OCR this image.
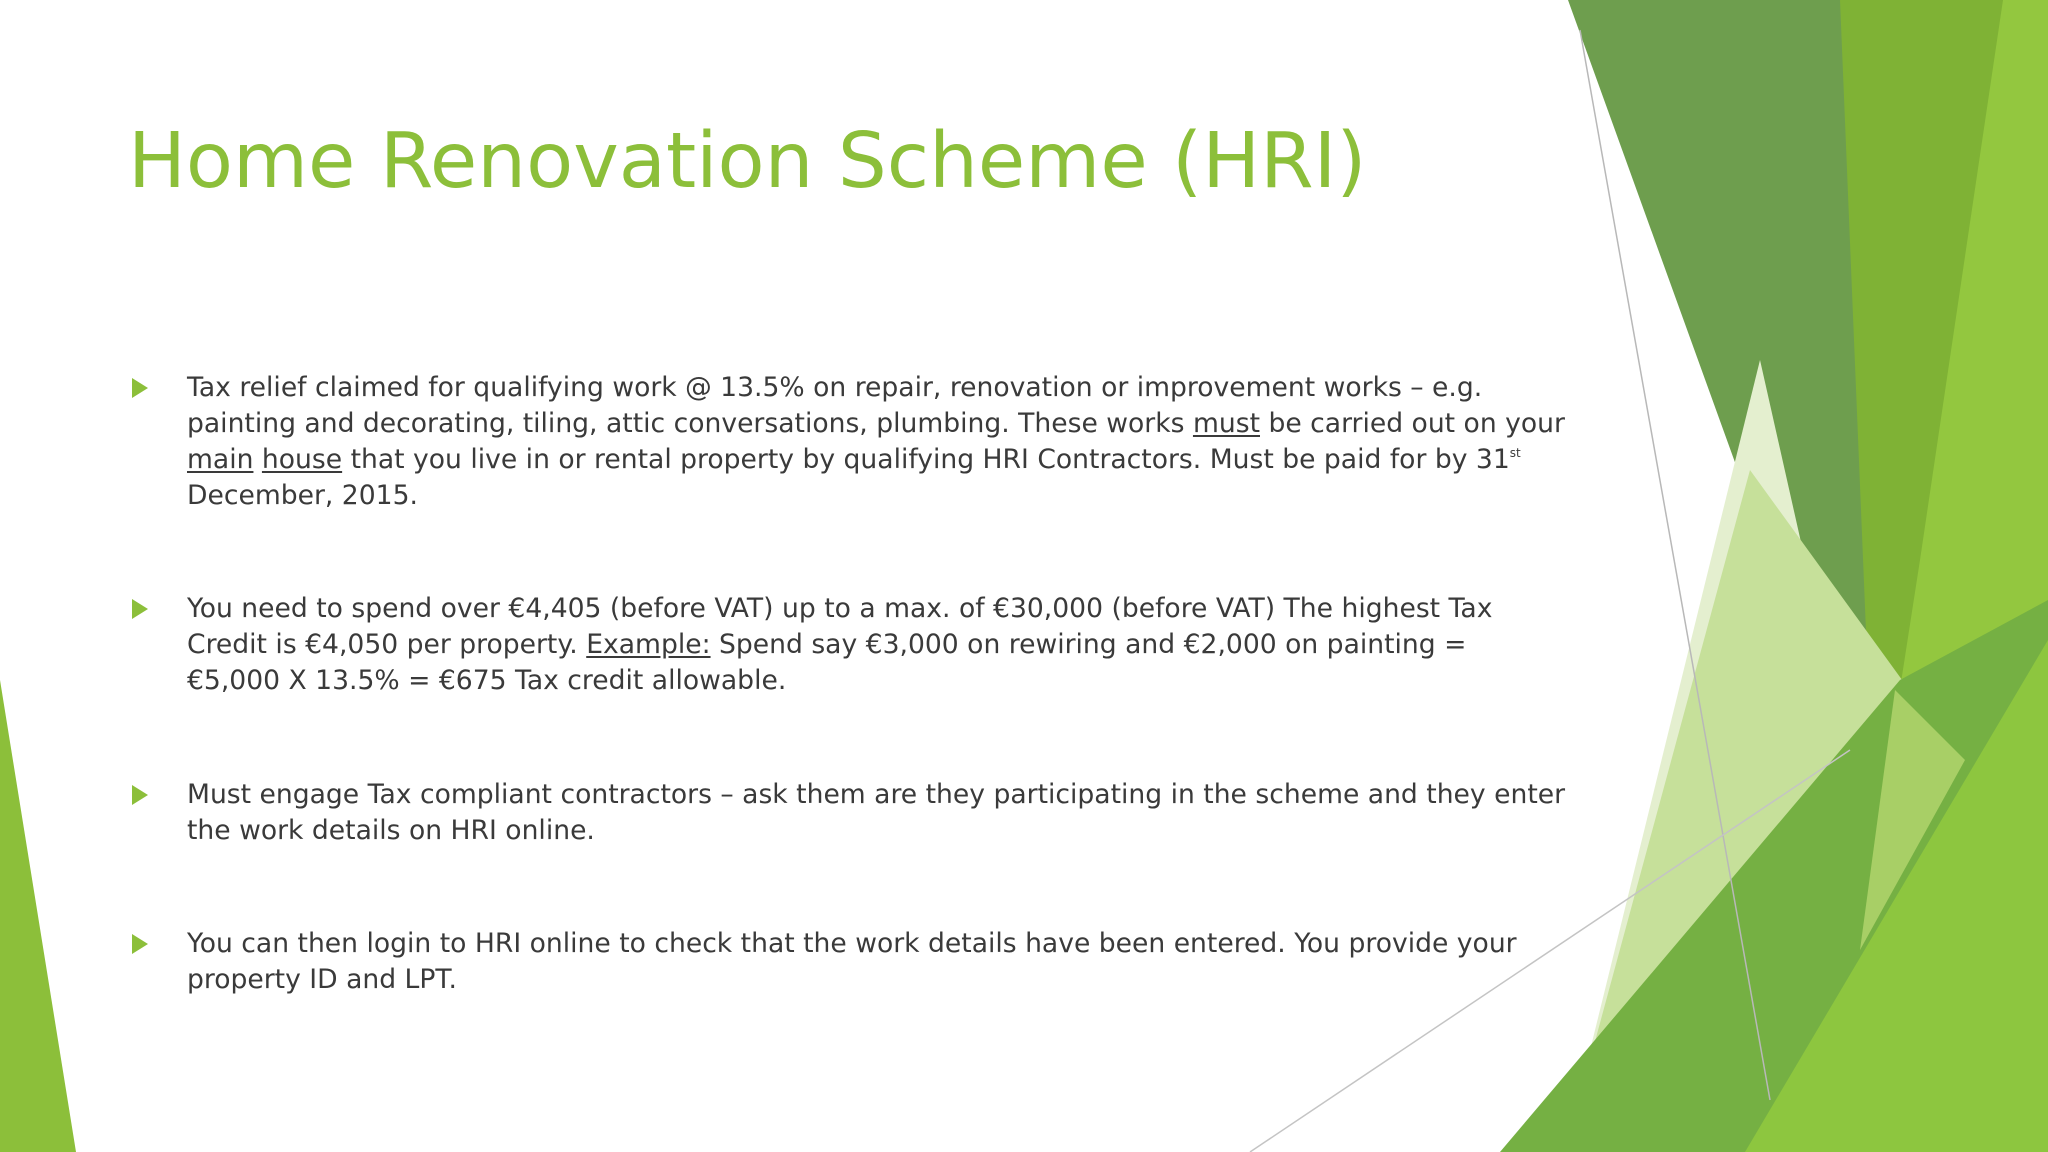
Home Renovation Scheme (HRI)
Tax relief claimed for qualifying work @ 13.5% on repair, renovation or improvement works – e.g. painting and decorating, tiling, attic conversations, plumbing. These works must be carried out on your main house that you live in or rental property by qualifying HRI Contractors. Must be paid for by 31st December, 2015.
You need to spend over €4,405 (before VAT) up to a max. of €30,000 (before VAT) The highest Tax Credit is €4,050 per property. Example: Spend say €3,000 on rewiring and €2,000 on painting = €5,000 X 13.5% = €675 Tax credit allowable.
Must engage Tax compliant contractors – ask them are they participating in the scheme and they enter the work details on HRI online.
You can then login to HRI online to check that the work details have been entered. You provide your property ID and LPT.
